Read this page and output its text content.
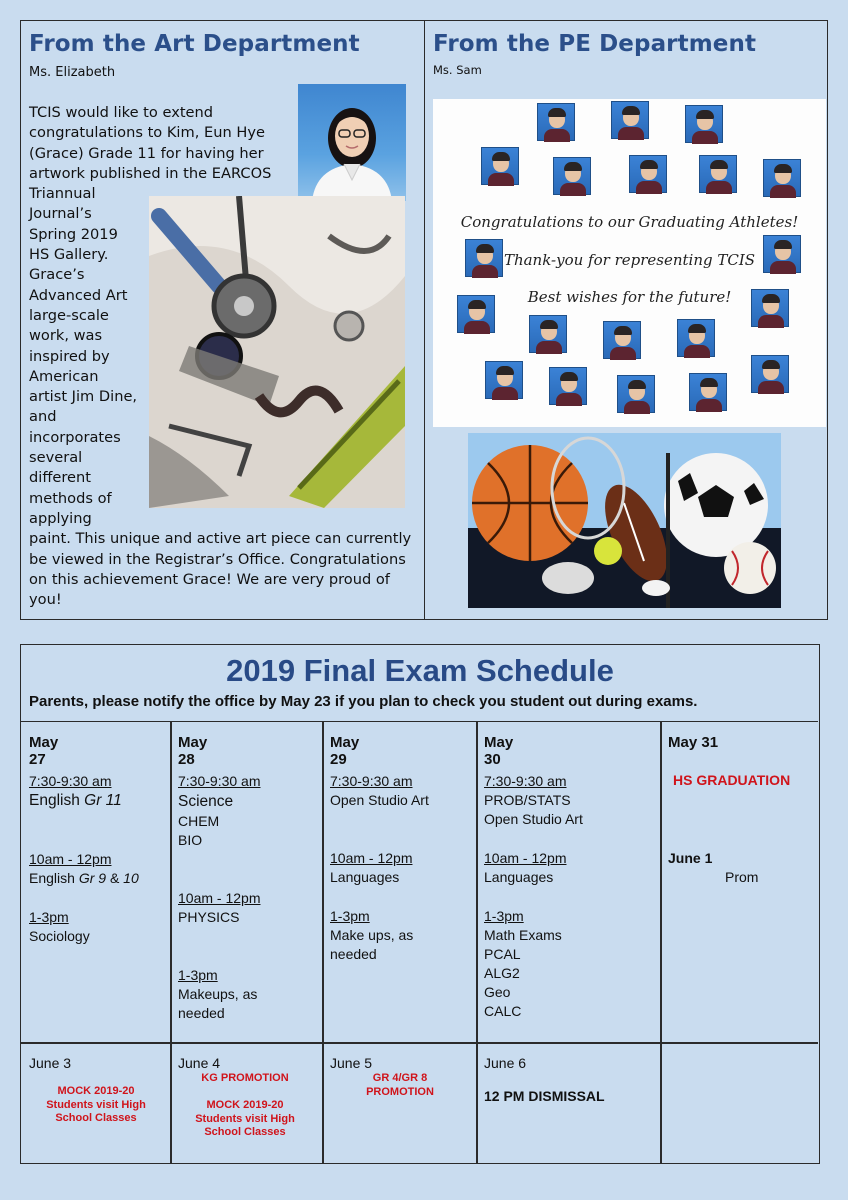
From the Art Department
Ms. Elizabeth
TCIS would like to extend congratulations to Kim, Eun Hye (Grace) Grade 11 for having her artwork published in the EARCOS Triannual Journal’s Spring 2019 HS Gallery. Grace’s Advanced Art large-scale work, was inspired by American artist Jim Dine, and incorporates several different methods of applying paint. This unique and active art piece can currently be viewed in the Registrar’s Office. Congratulations on this achievement Grace! We are very proud of you!
From the PE Department
Ms. Sam
Congratulations to our Graduating Athletes!
Thank-you for representing TCIS
Best wishes for the future!
2019 Final Exam Schedule
Parents, please notify the office by May 23 if you plan to check you student out during exams.
May 27
7:30-9:30 am
English Gr 11
10am - 12pm
English Gr 9 & 10
1-3pm
Sociology
May 28
7:30-9:30 am
Science
CHEM
BIO
10am - 12pm
PHYSICS
1-3pm
Makeups, as
needed
May 29
7:30-9:30 am
Open Studio Art
10am - 12pm
Languages
1-3pm
Make ups, as
needed
May 30
7:30-9:30 am
PROB/STATS
Open Studio Art
10am - 12pm
Languages
1-3pm
Math Exams
PCAL
ALG2
Geo
CALC
May 31
HS GRADUATION
June 1
Prom
June 3
MOCK 2019-20
Students visit High
School Classes
June 4
KG PROMOTION
MOCK 2019-20
Students visit High
School Classes
June 5
GR 4/GR 8
PROMOTION
June 6
12 PM DISMISSAL
